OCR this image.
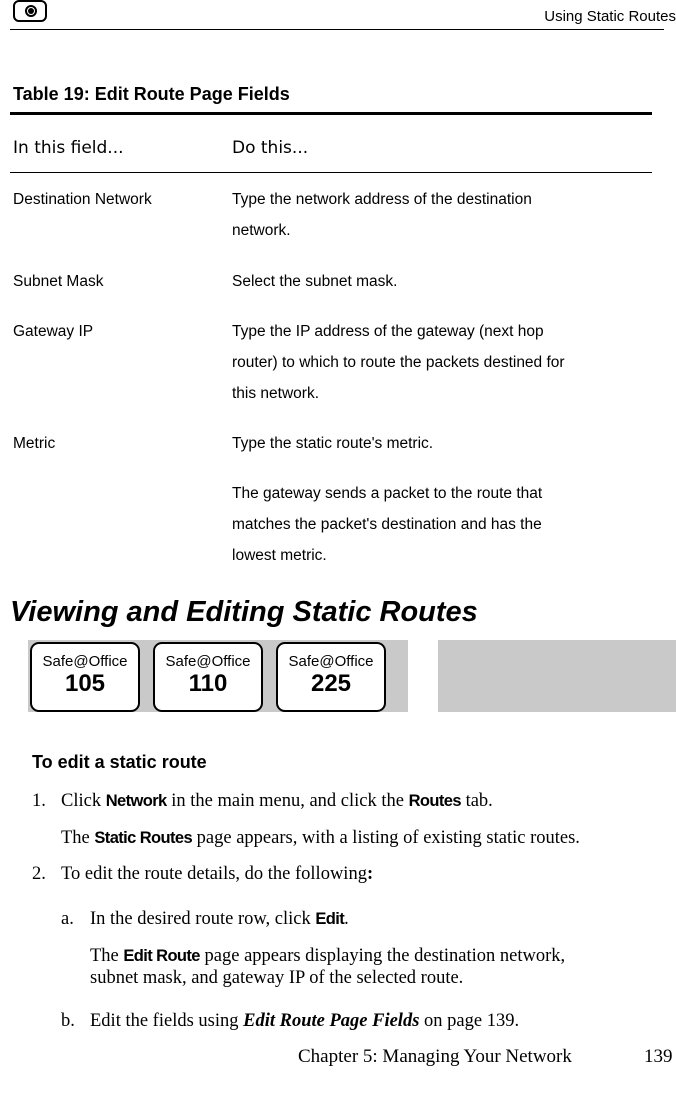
Using Static Routes
Table 19: Edit Route Page Fields
In this field...	Do this...
Destination Network	Type the network address of the destination
network.
Subnet Mask	Select the subnet mask.
Gateway IP	Type the IP address of the gateway (next hop
router) to which to route the packets destined for
this network.
Metric	Type the static route's metric.
The gateway sends a packet to the route that
matches the packet's destination and has the
lowest metric.
Viewing and Editing Static Routes
Safe@Office
105
Safe@Office
110
Safe@Office
225
To edit a static route
1. Click Network in the main menu, and click the Routes tab.
The Static Routes page appears, with a listing of existing static routes.
2. To edit the route details, do the following:
a. In the desired route row, click Edit.
The Edit Route page appears displaying the destination network,
subnet mask, and gateway IP of the selected route.
b. Edit the fields using Edit Route Page Fields on page 139.
Chapter 5: Managing Your Network	139
